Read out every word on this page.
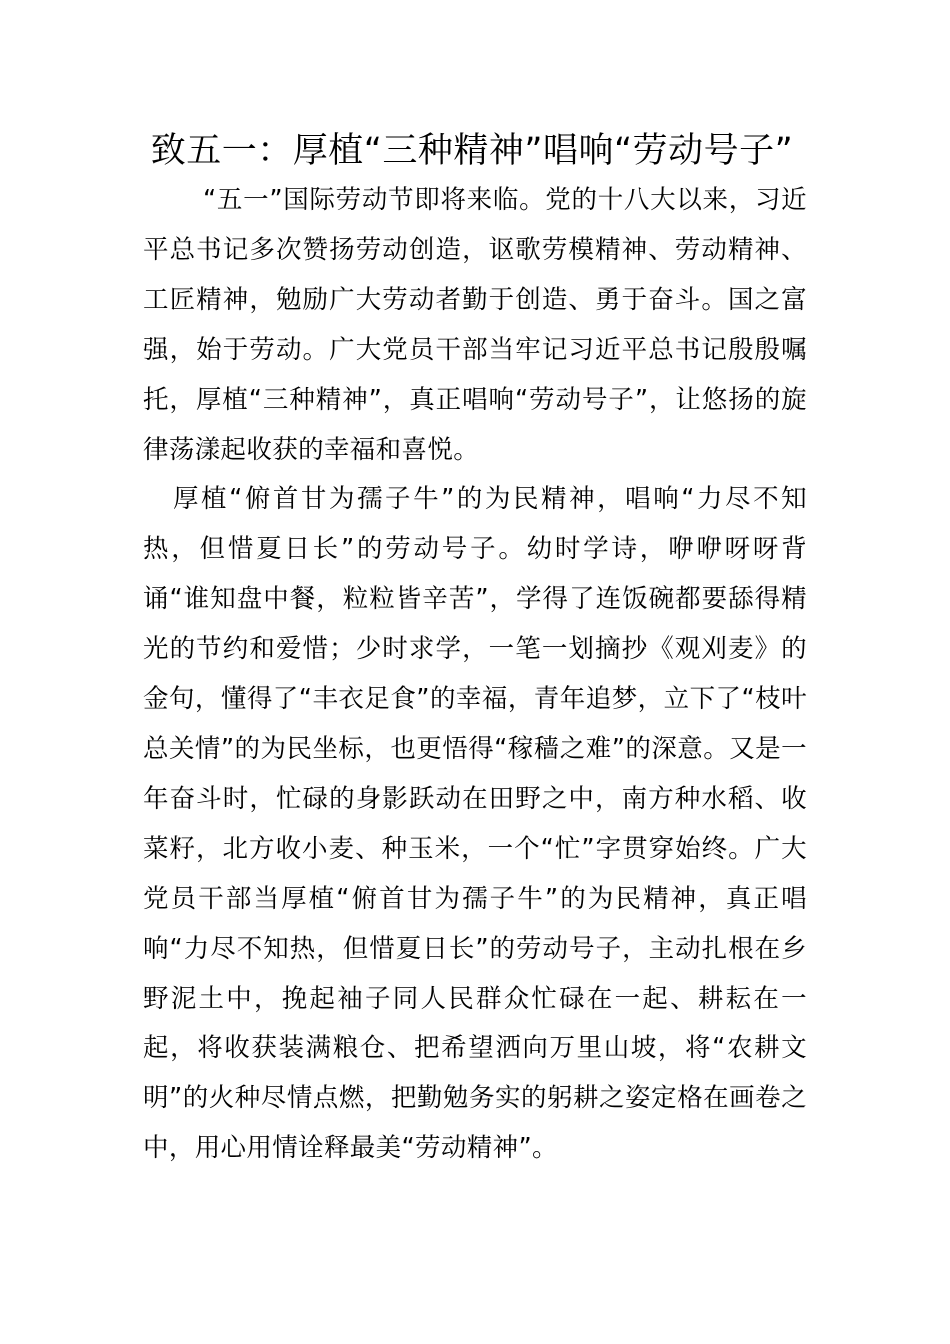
致五一：厚植“三种精神”唱响“劳动号子”

“五一”国际劳动节即将来临。党的十八大以来，习近平总书记多次赞扬劳动创造，讴歌劳模精神、劳动精神、工匠精神，勉励广大劳动者勤于创造、勇于奋斗。国之富强，始于劳动。广大党员干部当牢记习近平总书记殷殷嘱托，厚植“三种精神”，真正唱响“劳动号子”，让悠扬的旋律荡漾起收获的幸福和喜悦。

厚植“俯首甘为孺子牛”的为民精神，唱响“力尽不知热，但惜夏日长”的劳动号子。幼时学诗，咿咿呀呀背诵“谁知盘中餐，粒粒皆辛苦”，学得了连饭碗都要舔得精光的节约和爱惜；少时求学，一笔一划摘抄《观刈麦》的金句，懂得了“丰衣足食”的幸福，青年追梦，立下了“枝叶总关情”的为民坐标，也更悟得“稼穑之难”的深意。又是一年奋斗时，忙碌的身影跃动在田野之中，南方种水稻、收菜籽，北方收小麦、种玉米，一个“忙”字贯穿始终。广大党员干部当厚植“俯首甘为孺子牛”的为民精神，真正唱响“力尽不知热，但惜夏日长”的劳动号子，主动扎根在乡野泥土中，挽起袖子同人民群众忙碌在一起、耕耘在一起，将收获装满粮仓、把希望洒向万里山坡，将“农耕文明”的火种尽情点燃，把勤勉务实的躬耕之姿定格在画卷之中，用心用情诠释最美“劳动精神”。
